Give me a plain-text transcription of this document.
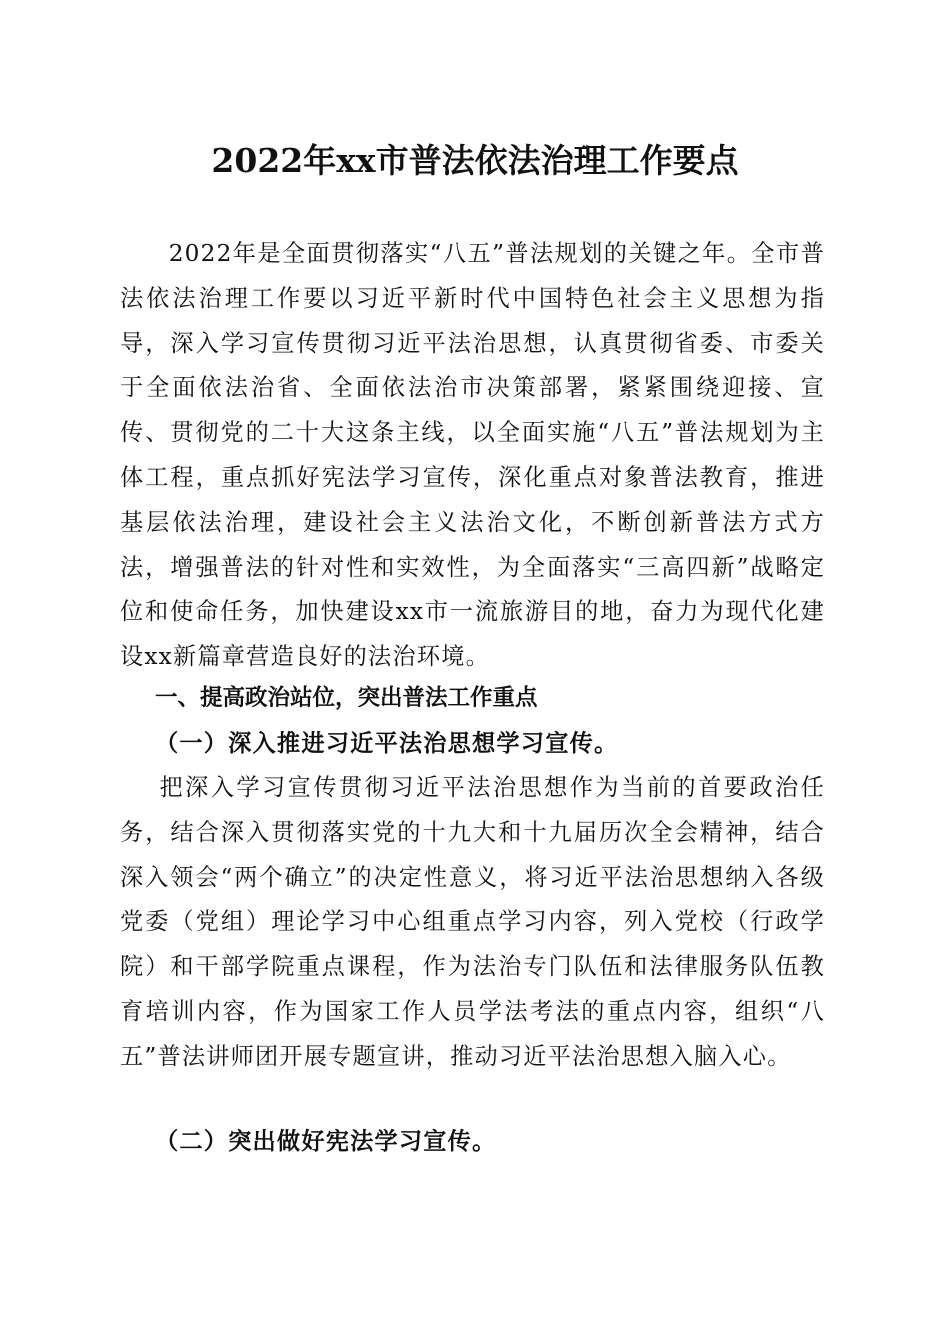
2022年xx市普法依法治理工作要点

2022年是全面贯彻落实“八五”普法规划的关键之年。全市普法依法治理工作要以习近平新时代中国特色社会主义思想为指导，深入学习宣传贯彻习近平法治思想，认真贯彻省委、市委关于全面依法治省、全面依法治市决策部署，紧紧围绕迎接、宣传、贯彻党的二十大这条主线，以全面实施“八五”普法规划为主体工程，重点抓好宪法学习宣传，深化重点对象普法教育，推进基层依法治理，建设社会主义法治文化，不断创新普法方式方法，增强普法的针对性和实效性，为全面落实“三高四新”战略定位和使命任务，加快建设xx市一流旅游目的地，奋力为现代化建设xx新篇章营造良好的法治环境。

一、提高政治站位，突出普法工作重点
（一）深入推进习近平法治思想学习宣传。

把深入学习宣传贯彻习近平法治思想作为当前的首要政治任务，结合深入贯彻落实党的十九大和十九届历次全会精神，结合深入领会“两个确立”的决定性意义，将习近平法治思想纳入各级党委（党组）理论学习中心组重点学习内容，列入党校（行政学院）和干部学院重点课程，作为法治专门队伍和法律服务队伍教育培训内容，作为国家工作人员学法考法的重点内容，组织“八五”普法讲师团开展专题宣讲，推动习近平法治思想入脑入心。

（二）突出做好宪法学习宣传。
